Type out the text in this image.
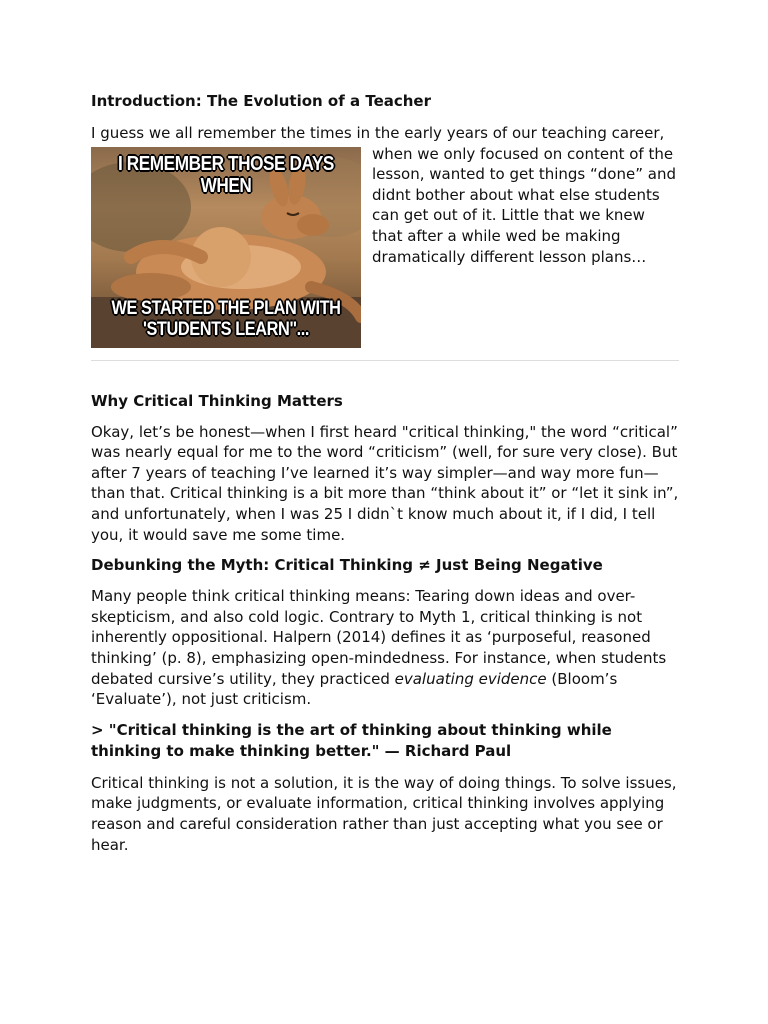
Introduction: The Evolution of a Teacher

I guess we all remember the times in the early years of our teaching career,

I REMEMBER THOSE DAYS WHEN
WE STARTED THE PLAN WITH
'STUDENTS LEARN"...

when we only focused on content of the lesson, wanted to get things “done” and didnt bother about what else students can get out of it. Little that we knew that after a while wed be making dramatically different lesson plans…

Why Critical Thinking Matters

Okay, let’s be honest—when I first heard "critical thinking," the word “critical” was nearly equal for me to the word “criticism” (well, for sure very close). But after 7 years of teaching I’ve learned it’s way simpler—and way more fun—than that. Critical thinking is a bit more than “think about it” or “let it sink in”, and unfortunately, when I was 25 I didn`t know much about it, if I did, I tell you, it would save me some time.

Debunking the Myth: Critical Thinking ≠ Just Being Negative

Many people think critical thinking means: Tearing down ideas and over-skepticism, and also cold logic. Contrary to Myth 1, critical thinking is not inherently oppositional. Halpern (2014) defines it as ‘purposeful, reasoned thinking’ (p. 8), emphasizing open-mindedness. For instance, when students debated cursive’s utility, they practiced evaluating evidence (Bloom’s ‘Evaluate’), not just criticism.

> "Critical thinking is the art of thinking about thinking while thinking to make thinking better." — Richard Paul

Critical thinking is not a solution, it is the way of doing things. To solve issues, make judgments, or evaluate information, critical thinking involves applying reason and careful consideration rather than just accepting what you see or hear.
